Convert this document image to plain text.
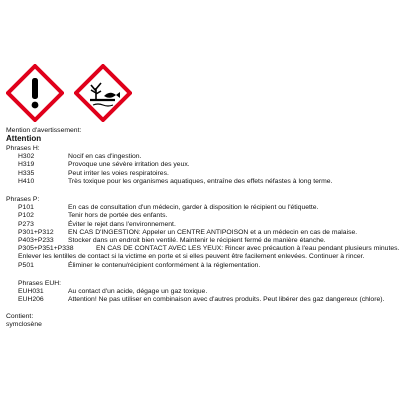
Mention d'avertissement:
Attention
Phrases H:
H302	Nocif en cas d'ingestion.
H319	Provoque une sévère irritation des yeux.
H335	Peut irriter les voies respiratoires.
H410	Très toxique pour les organismes aquatiques, entraîne des effets néfastes à long terme.
Phrases P:
P101	En cas de consultation d'un médecin, garder à disposition le récipient ou l'étiquette.
P102	Tenir hors de portée des enfants.
P273	Éviter le rejet dans l'environnement.
P301+P312 EN CAS D'INGESTION: Appeler un CENTRE ANTIPOISON et a un médecin en cas de malaise.
P403+P233 Stocker dans un endroit bien ventilé. Maintenir le récipient fermé de manière étanche.
P305+P351+P338	EN CAS DE CONTACT AVEC LES YEUX: Rincer avec précaution à l'eau pendant plusieurs minutes.
Enlever les lentilles de contact si la victime en porte et si elles peuvent être facilement enlevées. Continuer à rincer.
P501	Éliminer le contenu/récipient conformément à la réglementation.
Phrases EUH:
EUH031	Au contact d'un acide, dégage un gaz toxique.
EUH206	Attention! Ne pas utiliser en combinaison avec d'autres produits. Peut libérer des gaz dangereux (chlore).
Contient:
symclosène
